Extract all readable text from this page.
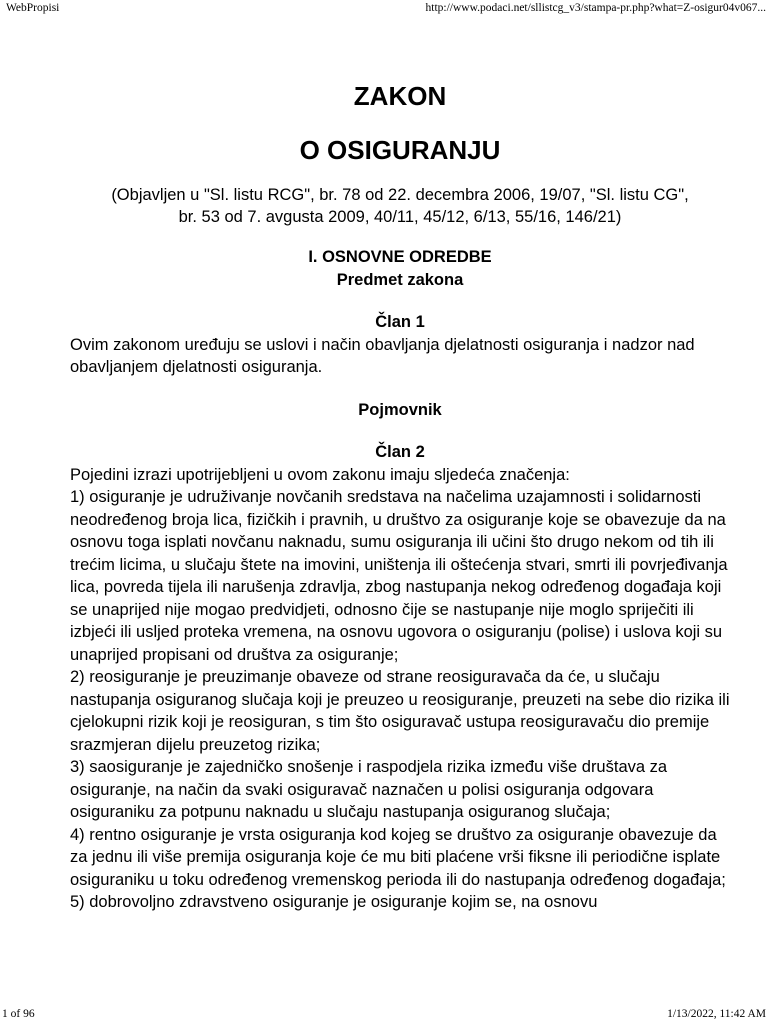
WebPropisi	http://www.podaci.net/sllistcg_v3/stampa-pr.php?what=Z-osigur04v067...
ZAKON
O OSIGURANJU
(Objavljen u "Sl. listu RCG", br. 78 od 22. decembra 2006, 19/07, "Sl. listu CG",
br. 53 od 7. avgusta 2009, 40/11, 45/12, 6/13, 55/16, 146/21)
I. OSNOVNE ODREDBE
Predmet zakona
Član 1

Ovim zakonom uređuju se uslovi i način obavljanja djelatnosti osiguranja i nadzor nad obavljanjem djelatnosti osiguranja.

Pojmovnik
Član 2

Pojedini izrazi upotrijebljeni u ovom zakonu imaju sljedeća značenja:

1) osiguranje je udruživanje novčanih sredstava na načelima uzajamnosti i solidarnosti neodređenog broja lica, fizičkih i pravnih, u društvo za osiguranje koje se obavezuje da na osnovu toga isplati novčanu naknadu, sumu osiguranja ili učini što drugo nekom od tih ili trećim licima, u slučaju štete na imovini, uništenja ili oštećenja stvari, smrti ili povrjeđivanja lica, povreda tijela ili narušenja zdravlja, zbog nastupanja nekog određenog događaja koji se unaprijed nije mogao predvidjeti, odnosno čije se nastupanje nije moglo spriječiti ili izbjeći ili usljed proteka vremena, na osnovu ugovora o osiguranju (polise) i uslova koji su unaprijed propisani od društva za osiguranje;

2) reosiguranje je preuzimanje obaveze od strane reosiguravača da će, u slučaju nastupanja osiguranog slučaja koji je preuzeo u reosiguranje, preuzeti na sebe dio rizika ili cjelokupni rizik koji je reosiguran, s tim što osiguravač ustupa reosiguravaču dio premije srazmjeran dijelu preuzetog rizika;

3) saosiguranje je zajedničko snošenje i raspodjela rizika između više društava za osiguranje, na način da svaki osiguravač naznačen u polisi osiguranja odgovara osiguraniku za potpunu naknadu u slučaju nastupanja osiguranog slučaja;

4) rentno osiguranje je vrsta osiguranja kod kojeg se društvo za osiguranje obavezuje da za jednu ili više premija osiguranja koje će mu biti plaćene vrši fiksne ili periodične isplate osiguraniku u toku određenog vremenskog perioda ili do nastupanja određenog događaja;

5) dobrovoljno zdravstveno osiguranje je osiguranje kojim se, na osnovu

1 of 96	1/13/2022, 11:42 AM
